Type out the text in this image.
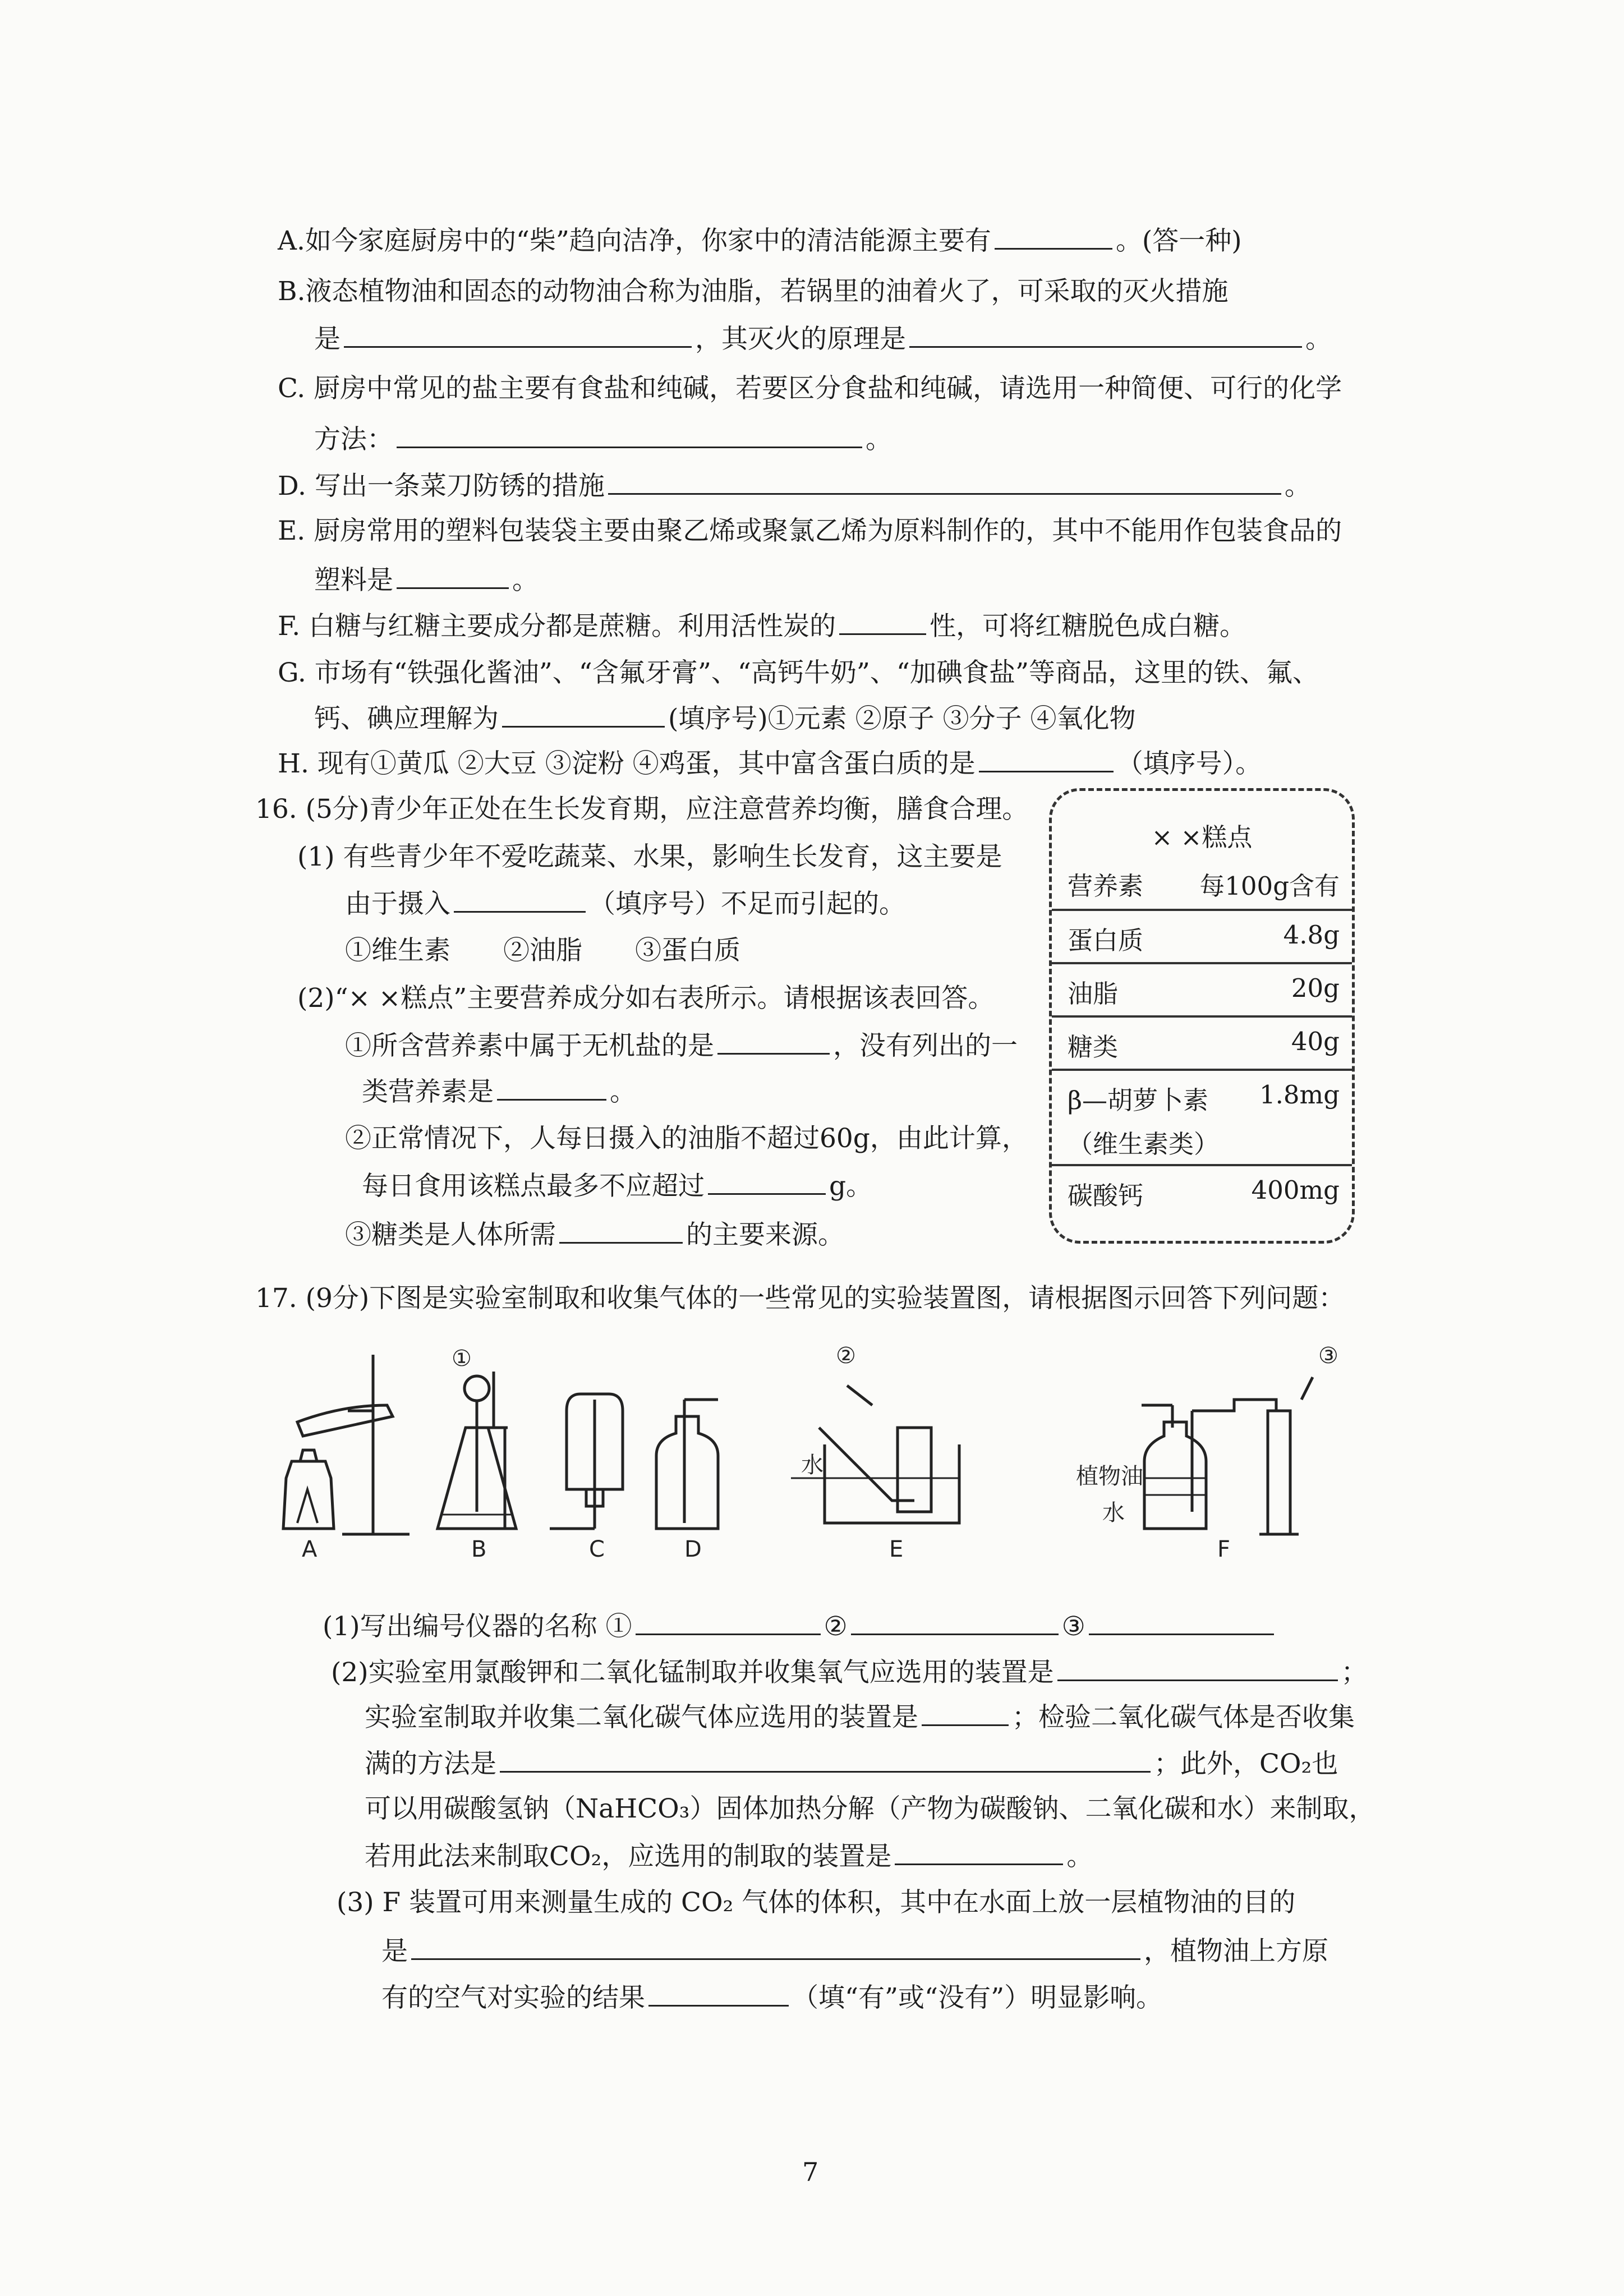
A.如今家庭厨房中的“柴”趋向洁净，你家中的清洁能源主要有	。(答一种)
B.液态植物油和固态的动物油合称为油脂，若锅里的油着火了，可采取的灭火措施
是	，其灭火的原理是	。
C. 厨房中常见的盐主要有食盐和纯碱，若要区分食盐和纯碱，请选用一种简便、可行的化学
方法：	。
D. 写出一条菜刀防锈的措施	。
E. 厨房常用的塑料包装袋主要由聚乙烯或聚氯乙烯为原料制作的，其中不能用作包装食品的
塑料是	。
F. 白糖与红糖主要成分都是蔗糖。利用活性炭的	性，可将红糖脱色成白糖。
G. 市场有“铁强化酱油”、“含氟牙膏”、“高钙牛奶”、“加碘食盐”等商品，这里的铁、氟、
钙、碘应理解为	(填序号)①元素 ②原子 ③分子 ④氧化物
H. 现有①黄瓜 ②大豆 ③淀粉 ④鸡蛋，其中富含蛋白质的是	（填序号）。
16. (5分)青少年正处在生长发育期，应注意营养均衡，膳食合理。
(1) 有些青少年不爱吃蔬菜、水果，影响生长发育，这主要是
由于摄入	（填序号）不足而引起的。
①维生素　　②油脂　　③蛋白质
(2)“× ×糕点”主要营养成分如右表所示。请根据该表回答。
①所含营养素中属于无机盐的是	，没有列出的一
类营养素是	。
②正常情况下，人每日摄入的油脂不超过60g，由此计算，
每日食用该糕点最多不应超过	g。
③糖类是人体所需	的主要来源。
× ×糕点
营养素 每100g含有
蛋白质	4.8g
油脂	20g
糖类	40g
β—胡萝卜素 1.8mg
（维生素类）
碳酸钙	400mg
17. (9分)下图是实验室制取和收集气体的一些常见的实验装置图，请根据图示回答下列问题：
A
①
B	C	D
②
水
E
③
植物油
水
F
(1)写出编号仪器的名称 ①	②	③
(2)实验室用氯酸钾和二氧化锰制取并收集氧气应选用的装置是	；
实验室制取并收集二氧化碳气体应选用的装置是	；检验二氧化碳气体是否收集
满的方法是	；此外，CO₂也
可以用碳酸氢钠（NaHCO₃）固体加热分解（产物为碳酸钠、二氧化碳和水）来制取，
若用此法来制取CO₂，应选用的制取的装置是	。
(3) F 装置可用来测量生成的 CO₂ 气体的体积，其中在水面上放一层植物油的目的
是	，植物油上方原
有的空气对实验的结果	（填“有”或“没有”）明显影响。
7
